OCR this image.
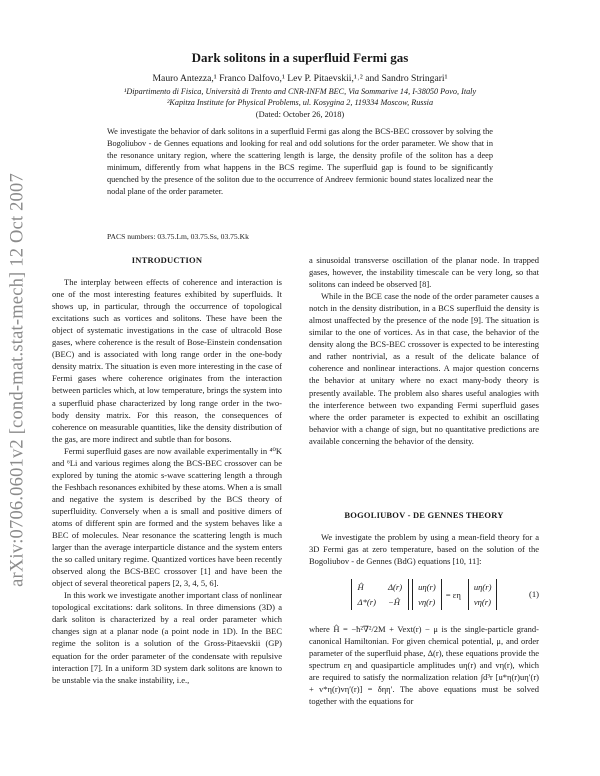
arXiv:0706.0601v2 [cond-mat.stat-mech] 12 Oct 2007
Dark solitons in a superfluid Fermi gas
Mauro Antezza,¹ Franco Dalfovo,¹ Lev P. Pitaevskii,¹˒² and Sandro Stringari¹
¹Dipartimento di Fisica, Università di Trento and CNR-INFM BEC, Via Sommarive 14, I-38050 Povo, Italy
²Kapitza Institute for Physical Problems, ul. Kosygina 2, 119334 Moscow, Russia
(Dated: October 26, 2018)

We investigate the behavior of dark solitons in a superfluid Fermi gas along the BCS-BEC crossover by solving the Bogoliubov - de Gennes equations and looking for real and odd solutions for the order parameter. We show that in the resonance unitary region, where the scattering length is large, the density profile of the soliton has a deep minimum, differently from what happens in the BCS regime. The superfluid gap is found to be significantly quenched by the presence of the soliton due to the occurrence of Andreev fermionic bound states localized near the nodal plane of the order parameter.

PACS numbers: 03.75.Lm, 03.75.Ss, 03.75.Kk
INTRODUCTION

The interplay between effects of coherence and interaction is one of the most interesting features exhibited by superfluids. It shows up, in particular, through the occurrence of topological excitations such as vortices and solitons. These have been the object of systematic investigations in the case of ultracold Bose gases, where coherence is the result of Bose-Einstein condensation (BEC) and is associated with long range order in the one-body density matrix. The situation is even more interesting in the case of Fermi gases where coherence originates from the interaction between particles which, at low temperature, brings the system into a superfluid phase characterized by long range order in the two-body density matrix. For this reason, the consequences of coherence on measurable quantities, like the density distribution of the gas, are more indirect and subtle than for bosons.

Fermi superfluid gases are now available experimentally in ⁴⁰K and ⁶Li and various regimes along the BCS-BEC crossover can be explored by tuning the atomic s-wave scattering length a through the Feshbach resonances exhibited by these atoms. When a is small and negative the system is described by the BCS theory of superfluidity. Conversely when a is small and positive dimers of atoms of different spin are formed and the system behaves like a BEC of molecules. Near resonance the scattering length is much larger than the average interparticle distance and the system enters the so called unitary regime. Quantized vortices have been recently observed along the BCS-BEC crossover [1] and have been the object of several theoretical papers [2, 3, 4, 5, 6].

In this work we investigate another important class of nonlinear topological excitations: dark solitons. In three dimensions (3D) a dark soliton is characterized by a real order parameter which changes sign at a planar node (a point node in 1D). In the BEC regime the soliton is a solution of the Gross-Pitaevskii (GP) equation for the order parameter of the condensate with repulsive interaction [7]. In a uniform 3D system dark solitons are known to be unstable via the snake instability, i.e.,

a sinusoidal transverse oscillation of the planar node. In trapped gases, however, the instability timescale can be very long, so that solitons can indeed be observed [8].

While in the BCE case the node of the order parameter causes a notch in the density distribution, in a BCS superfluid the density is almost unaffected by the presence of the node [9]. The situation is similar to the one of vortices. As in that case, the behavior of the density along the BCS-BEC crossover is expected to be interesting and rather nontrivial, as a result of the delicate balance of coherence and nonlinear interactions. A major question concerns the behavior at unitary where no exact many-body theory is presently available. The problem also shares useful analogies with the interference between two expanding Fermi superfluid gases where the order parameter is expected to exhibit an oscillating behavior with a change of sign, but no quantitative predictions are available concerning the behavior of the density.

BOGOLIUBOV - DE GENNES THEORY

We investigate the problem by using a mean-field theory for a 3D Fermi gas at zero temperature, based on the solution of the Bogoliubov - de Gennes (BdG) equations [10, 11]:

Ĥ	Δ(r)
Δ*(r) −Ĥ
uη(r)
vη(r)
= εη
uη(r)
vη(r)
(1)

where Ĥ = −ħ²∇²/2M + Vext(r) − μ is the single-particle grand-canonical Hamiltonian. For given chemical potential, μ, and order parameter of the superfluid phase, Δ(r), these equations provide the spectrum εη and quasiparticle amplitudes uη(r) and vη(r), which are required to satisfy the normalization relation ∫d³r [u*η(r)uη′(r) + v*η(r)vη′(r)] = δηη′. The above equations must be solved together with the equations for
